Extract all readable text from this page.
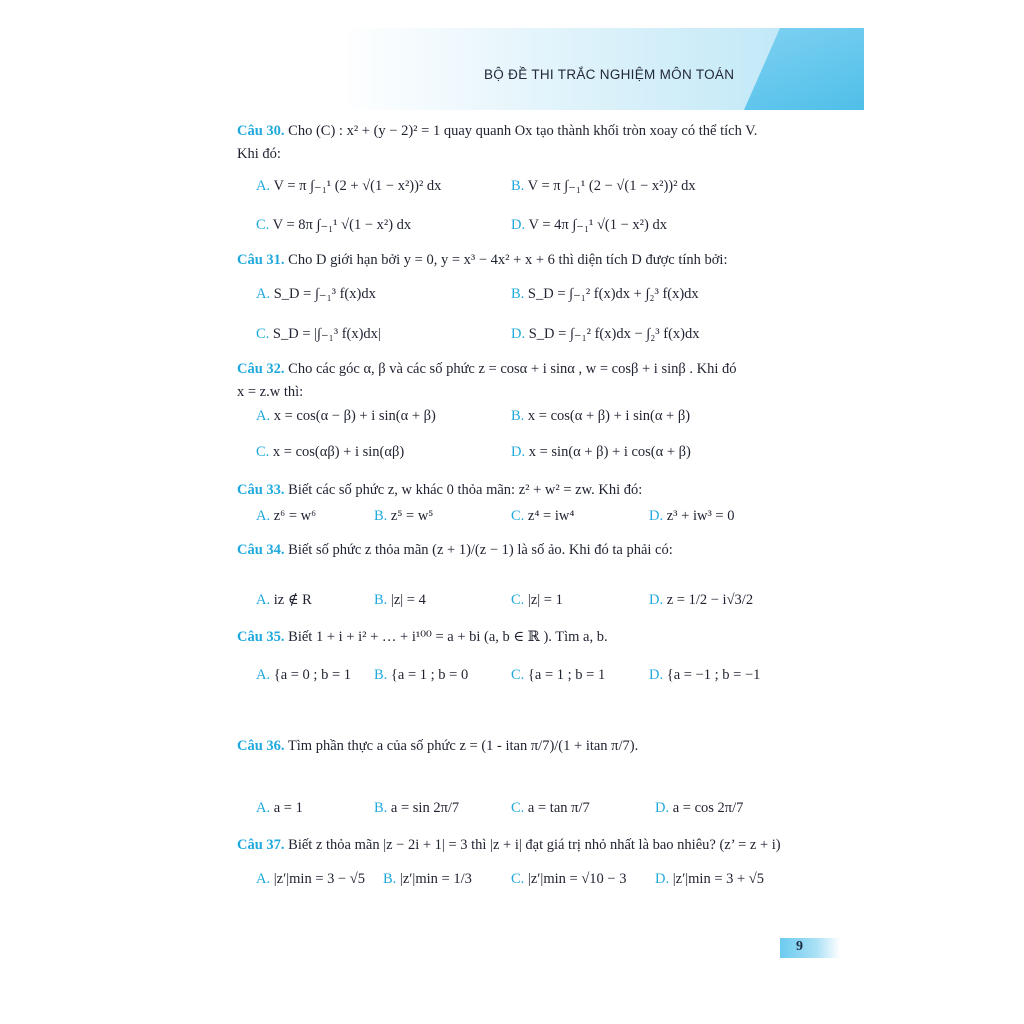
BỘ ĐỀ THI TRẮC NGHIỆM MÔN TOÁN
Câu 30. Cho (C) : x² + (y − 2)² = 1 quay quanh Ox tạo thành khối tròn xoay có thể tích V.
Khi đó:
A. V = π ∫₋₁¹ (2 + √(1 − x²))² dx	B. V = π ∫₋₁¹ (2 − √(1 − x²))² dx
C. V = 8π ∫₋₁¹ √(1 − x²) dx	D. V = 4π ∫₋₁¹ √(1 − x²) dx
Câu 31. Cho D giới hạn bởi y = 0, y = x³ − 4x² + x + 6 thì diện tích D được tính bởi:
A. S_D = ∫₋₁³ f(x)dx	B. S_D = ∫₋₁² f(x)dx + ∫₂³ f(x)dx
C. S_D = |∫₋₁³ f(x)dx|	D. S_D = ∫₋₁² f(x)dx − ∫₂³ f(x)dx
Câu 32. Cho các góc α, β và các số phức z = cosα + i sinα , w = cosβ + i sinβ . Khi đó
x = z.w thì:
A. x = cos(α − β) + i sin(α + β)	B. x = cos(α + β) + i sin(α + β)
C. x = cos(αβ) + i sin(αβ)	D. x = sin(α + β) + i cos(α + β)
Câu 33. Biết các số phức z, w khác 0 thỏa mãn: z² + w² = zw. Khi đó:
A. z⁶ = w⁶	B. z⁵ = w⁵	C. z⁴ = iw⁴	D. z³ + iw³ = 0
Câu 34. Biết số phức z thỏa mãn (z + 1)/(z − 1) là số ảo. Khi đó ta phải có:
A. iz ∉ R	B. |z| = 4	C. |z| = 1	D. z = 1/2 − i√3/2
Câu 35. Biết 1 + i + i² + … + i¹⁰⁰ = a + bi (a, b ∈ ℝ ). Tìm a, b.
A. {a = 0 ; b = 1 B. {a = 1 ; b = 0	C. {a = 1 ; b = 1	D. {a = −1 ; b = −1
Câu 36. Tìm phần thực a của số phức z = (1 - itan π/7)/(1 + itan π/7).
A. a = 1	B. a = sin 2π/7	C. a = tan π/7	D. a = cos 2π/7
Câu 37. Biết z thỏa mãn |z − 2i + 1| = 3 thì |z + i| đạt giá trị nhỏ nhất là bao nhiêu? (z’ = z + i)
A. |z′|min = 3 − √5 B. |z′|min = 1/3	C. |z′|min = √10 − 3 D. |z′|min = 3 + √5
9
